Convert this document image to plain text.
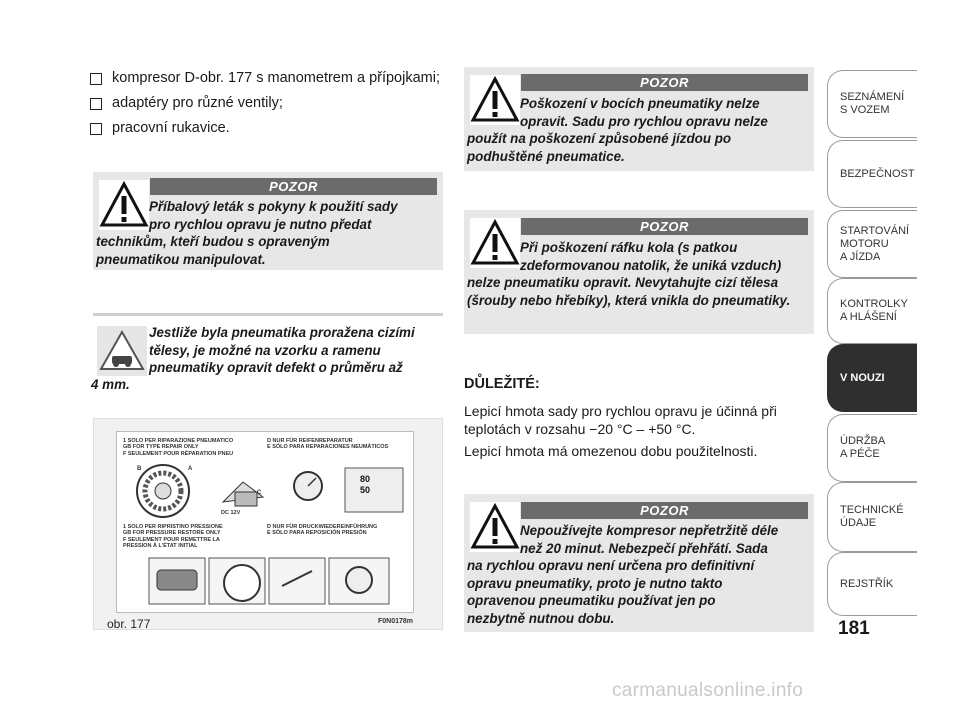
kompresor D-obr. 177 s manometrem a přípojkami;
adaptéry pro různé ventily;
pracovní rukavice.
POZOR
Příbalový leták s pokyny k použití sady
pro rychlou opravu je nutno předat
technikům, kteří budou s opraveným pneumatikou manipulovat.
Jestliže byla pneumatika proražena cizími
tělesy, je možné na vzorku a ramenu
pneumatiky opravit defekt o průměru až
4 mm.
1 SOLO PER RIPARAZIONE PNEUMATICO
GB FOR TYPE REPAIR ONLY
F SEULEMENT POUR RÉPARATION PNEU
D NUR FÜR REIFENREPARATUR
E SÓLO PARA REPARACIONES NEUMÁTICOS
B	A
C
DC 12V
80
50
1 SOLO PER RIPRISTINO PRESSIONE
GB FOR PRESSURE RESTORE ONLY
F SEULEMENT POUR REMETTRE LA
PRESSION À L'ÉTAT INITIAL
D NUR FÜR DRUCKWIEDEREINFÜHRUNG
E SÓLO PARA REPOSICIÓN PRESIÓN
obr. 177	F0N0178m
POZOR
Poškození v bocích pneumatiky nelze
opravit. Sadu pro rychlou opravu nelze
použít na poškození způsobené jízdou po podhuštěné pneumatice.
POZOR
Při poškození ráfku kola (s patkou
zdeformovanou natolik, že uniká vzduch)
nelze pneumatiku opravit. Nevytahujte cizí tělesa (šrouby nebo hřebíky), která vnikla do pneumatiky.
DŮLEŽITÉ:
Lepicí hmota sady pro rychlou opravu je účinná při teplotách v rozsahu −20 °C – +50 °C.
Lepicí hmota má omezenou dobu použitelnosti.
POZOR
Nepoužívejte kompresor nepřetržitě déle
než 20 minut. Nebezpečí přehřátí. Sada
na rychlou opravu není určena pro definitivní opravu pneumatiky, proto je nutno takto opravenou pneumatiku používat jen po nezbytně nutnou dobu.
SEZNÁMENÍ
S VOZEM
BEZPEČNOST
STARTOVÁNÍ
MOTORU
A JÍZDA
KONTROLKY
A HLÁŠENÍ
V NOUZI
ÚDRŽBA
A PÉČE
TECHNICKÉ
ÚDAJE
REJSTŘÍK
181
carmanualsonline.info
